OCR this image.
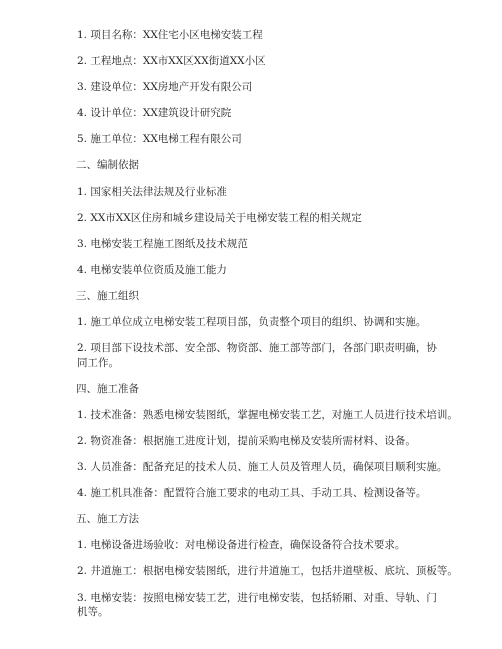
1. 项目名称：XX住宅小区电梯安装工程

2. 工程地点：XX市XX区XX街道XX小区

3. 建设单位：XX房地产开发有限公司

4. 设计单位：XX建筑设计研究院

5. 施工单位：XX电梯工程有限公司

二、编制依据

1. 国家相关法律法规及行业标准

2. XX市XX区住房和城乡建设局关于电梯安装工程的相关规定

3. 电梯安装工程施工图纸及技术规范

4. 电梯安装单位资质及施工能力

三、施工组织

1. 施工单位成立电梯安装工程项目部，负责整个项目的组织、协调和实施。

2. 项目部下设技术部、安全部、物资部、施工部等部门，各部门职责明确，协同工作。

四、施工准备

1. 技术准备：熟悉电梯安装图纸，掌握电梯安装工艺，对施工人员进行技术培训。

2. 物资准备：根据施工进度计划，提前采购电梯及安装所需材料、设备。

3. 人员准备：配备充足的技术人员、施工人员及管理人员，确保项目顺利实施。

4. 施工机具准备：配置符合施工要求的电动工具、手动工具、检测设备等。

五、施工方法

1. 电梯设备进场验收：对电梯设备进行检查，确保设备符合技术要求。

2. 井道施工：根据电梯安装图纸，进行井道施工，包括井道壁板、底坑、顶板等。

3. 电梯安装：按照电梯安装工艺，进行电梯安装，包括轿厢、对重、导轨、门机等。
